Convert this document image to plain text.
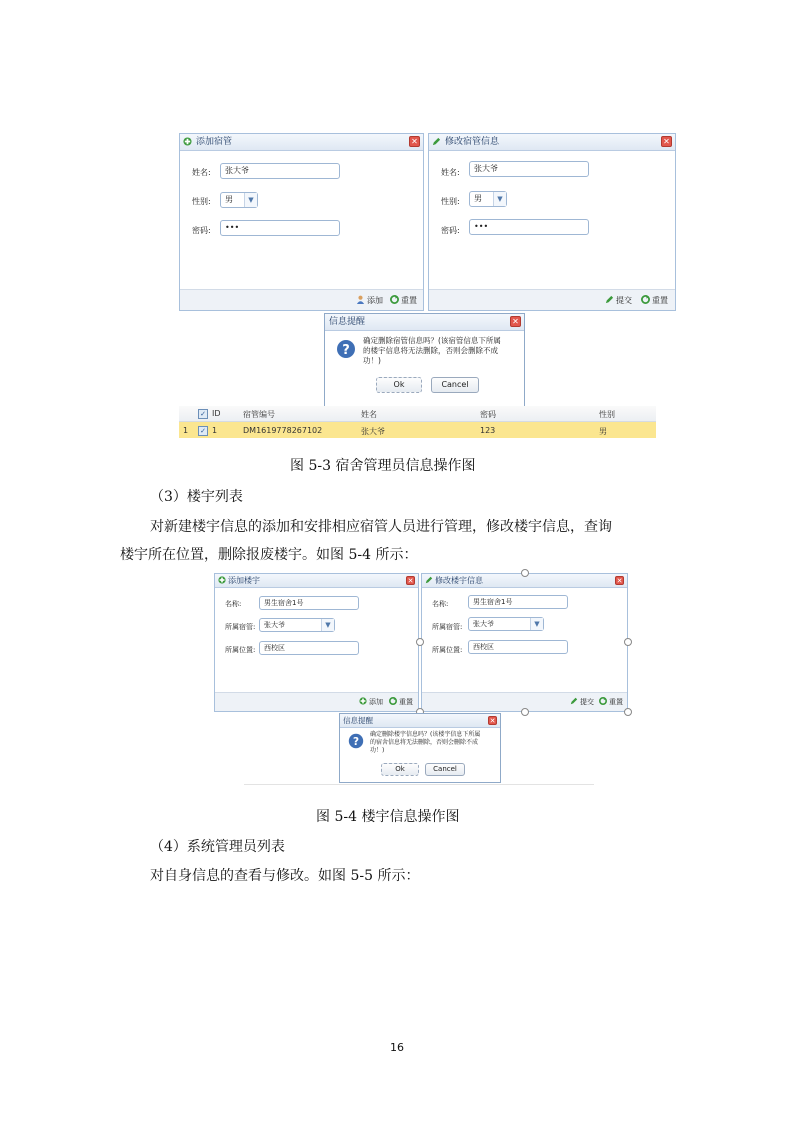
添加宿管	✕
姓名:	张大爷
性别:	男	▼
密码:	•••
添加	重置
修改宿管信息	✕
姓名:	张大爷
性别:	男	▼
密码:	•••
提交	重置
信息提醒	✕
?
确定删除宿管信息吗？(该宿管信息下所属
的楼宇信息将无法删除，否则会删除不成
功！)
Ok	Cancel
✓ ID	宿管编号	姓名	密码	性别
1 ✓ 1	DM1619778267102	张大爷	123	男
图 5-3 宿舍管理员信息操作图
（3）楼宇列表
对新建楼宇信息的添加和安排相应宿管人员进行管理，修改楼宇信息，查询
楼宇所在位置，删除报废楼宇。如图 5-4 所示：
添加楼宇	✕
名称:	男生宿舍1号
所属宿管:	张大爷	▼
所属位置:	西校区
添加	重置
修改楼宇信息	✕
名称:	男生宿舍1号
所属宿管:	张大爷	▼
所属位置:	西校区
提交	重置
信息提醒	✕
?
确定删除楼宇信息吗？(该楼宇信息下所属
的宿舍信息将无法删除，否则会删除不成
功！)
Ok	Cancel
图 5-4 楼宇信息操作图
（4）系统管理员列表
对自身信息的查看与修改。如图 5-5 所示：
16
